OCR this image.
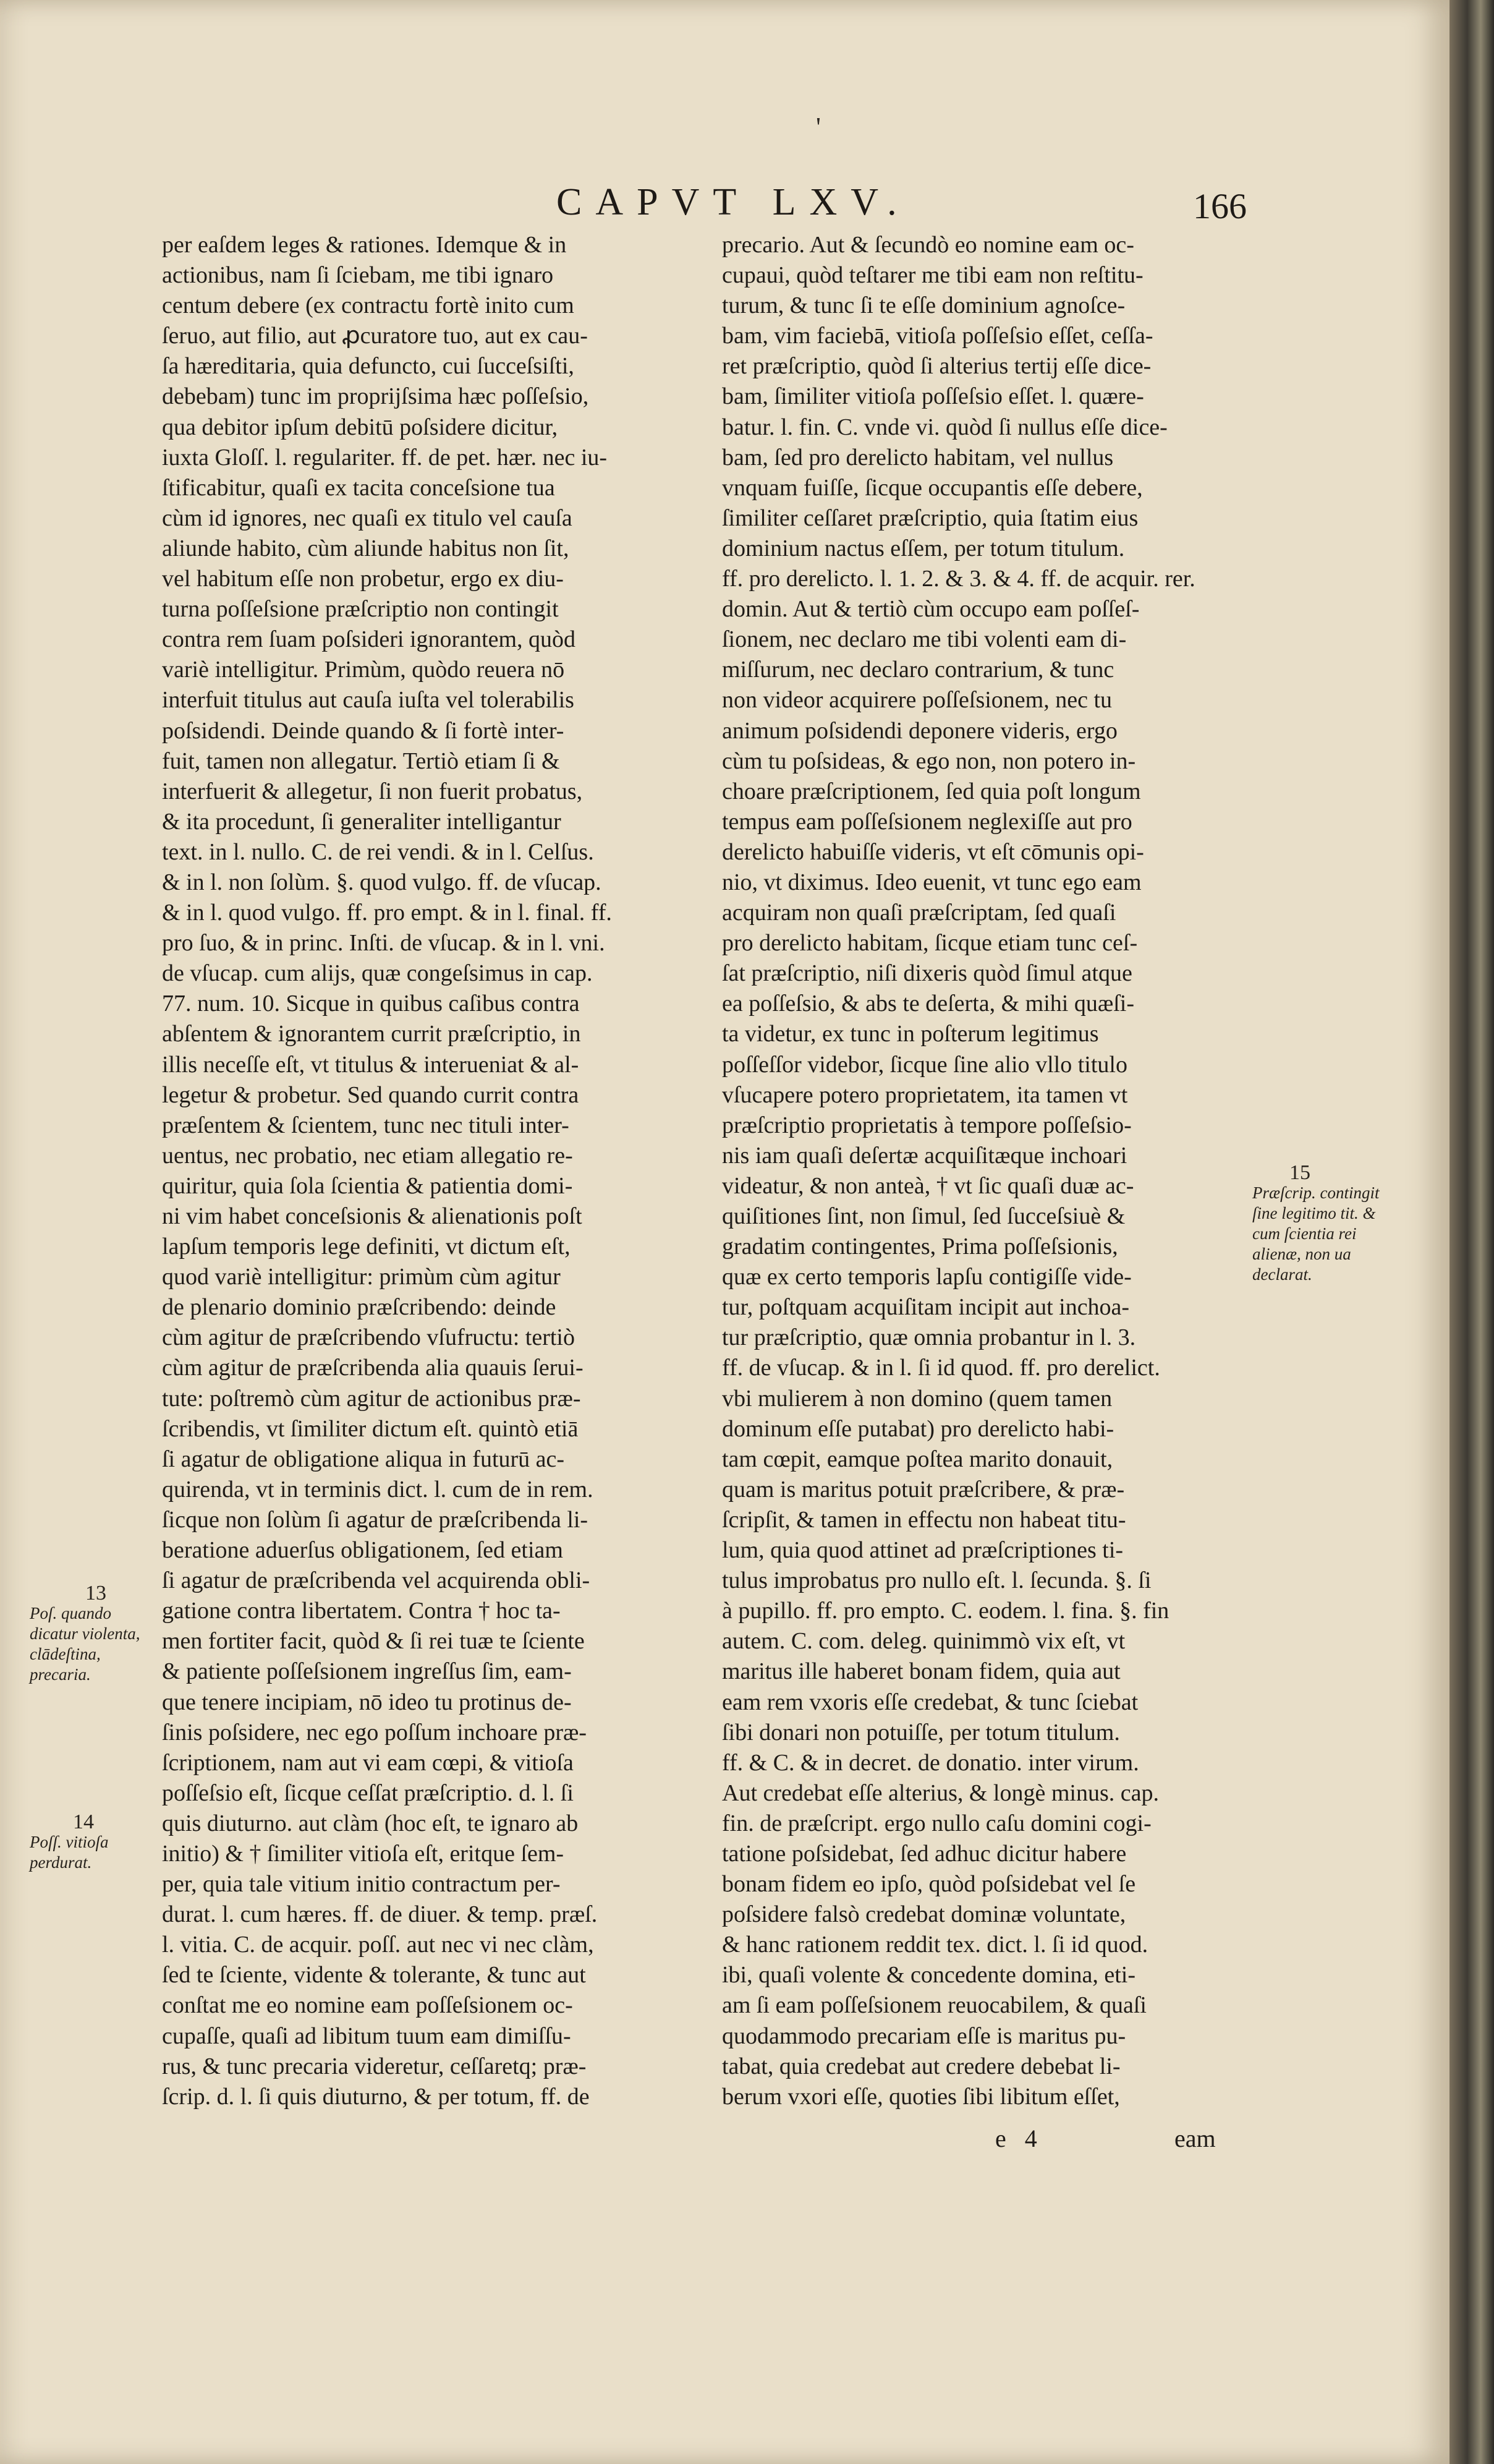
'
CAPVT LXV.	166

per eaſdem leges & rationes. Idemque & in

actionibus, nam ſi ſciebam, me tibi ignaro

centum debere (ex contractu fortè inito cum

ſeruo, aut filio, aut ꝓcuratore tuo, aut ex cau-

ſa hæreditaria, quia defuncto, cui ſucceſsiſti,

debebam) tunc im proprijſsima hæc poſſeſsio,

qua debitor ipſum debitū poſsidere dicitur,

iuxta Gloſſ. l. regulariter. ff. de pet. hær. nec iu-

ſtificabitur, quaſi ex tacita conceſsione tua

cùm id ignores, nec quaſi ex titulo vel cauſa

aliunde habito, cùm aliunde habitus non ſit,

vel habitum eſſe non probetur, ergo ex diu-

turna poſſeſsione præſcriptio non contingit

contra rem ſuam poſsideri ignorantem, quòd

variè intelligitur. Primùm, quòdo reuera nō

interfuit titulus aut cauſa iuſta vel tolerabilis

poſsidendi. Deinde quando & ſi fortè inter-

fuit, tamen non allegatur. Tertiò etiam ſi &

interfuerit & allegetur, ſi non fuerit probatus,

& ita procedunt, ſi generaliter intelligantur

text. in l. nullo. C. de rei vendi. & in l. Celſus.

& in l. non ſolùm. §. quod vulgo. ff. de vſucap.

& in l. quod vulgo. ff. pro empt. & in l. final. ff.

pro ſuo, & in princ. Inſti. de vſucap. & in l. vni.

de vſucap. cum alijs, quæ congeſsimus in cap.

77. num. 10. Sicque in quibus caſibus contra

abſentem & ignorantem currit præſcriptio, in

illis neceſſe eſt, vt titulus & interueniat & al-

legetur & probetur. Sed quando currit contra

præſentem & ſcientem, tunc nec tituli inter-

uentus, nec probatio, nec etiam allegatio re-

quiritur, quia ſola ſcientia & patientia domi-

ni vim habet conceſsionis & alienationis poſt

lapſum temporis lege definiti, vt dictum eſt,

quod variè intelligitur: primùm cùm agitur

de plenario dominio præſcribendo: deinde

cùm agitur de præſcribendo vſufructu: tertiò

cùm agitur de præſcribenda alia quauis ſerui-

tute: poſtremò cùm agitur de actionibus præ-

ſcribendis, vt ſimiliter dictum eſt. quintò etiā

ſi agatur de obligatione aliqua in futurū ac-

quirenda, vt in terminis dict. l. cum de in rem.

ſicque non ſolùm ſi agatur de præſcribenda li-

beratione aduerſus obligationem, ſed etiam

ſi agatur de præſcribenda vel acquirenda obli-

gatione contra libertatem. Contra † hoc ta-

men fortiter facit, quòd & ſi rei tuæ te ſciente

& patiente poſſeſsionem ingreſſus ſim, eam-

que tenere incipiam, nō ideo tu protinus de-

ſinis poſsidere, nec ego poſſum inchoare præ-

ſcriptionem, nam aut vi eam cœpi, & vitioſa

poſſeſsio eſt, ſicque ceſſat præſcriptio. d. l. ſi

quis diuturno. aut clàm (hoc eſt, te ignaro ab

initio) & † ſimiliter vitioſa eſt, eritque ſem-

per, quia tale vitium initio contractum per-

durat. l. cum hæres. ff. de diuer. & temp. præſ.

l. vitia. C. de acquir. poſſ. aut nec vi nec clàm,

ſed te ſciente, vidente & tolerante, & tunc aut

conſtat me eo nomine eam poſſeſsionem oc-

cupaſſe, quaſi ad libitum tuum eam dimiſſu-

rus, & tunc precaria videretur, ceſſaretq; præ-

ſcrip. d. l. ſi quis diuturno, & per totum, ff. de

precario. Aut & ſecundò eo nomine eam oc-

cupaui, quòd teſtarer me tibi eam non reſtitu-

turum, & tunc ſi te eſſe dominium agnoſce-

bam, vim faciebā, vitioſa poſſeſsio eſſet, ceſſa-

ret præſcriptio, quòd ſi alterius tertij eſſe dice-

bam, ſimiliter vitioſa poſſeſsio eſſet. l. quære-

batur. l. fin. C. vnde vi. quòd ſi nullus eſſe dice-

bam, ſed pro derelicto habitam, vel nullus

vnquam fuiſſe, ſicque occupantis eſſe debere,

ſimiliter ceſſaret præſcriptio, quia ſtatim eius

dominium nactus eſſem, per totum titulum.

ff. pro derelicto. l. 1. 2. & 3. & 4. ff. de acquir. rer.

domin. Aut & tertiò cùm occupo eam poſſeſ-

ſionem, nec declaro me tibi volenti eam di-

miſſurum, nec declaro contrarium, & tunc

non videor acquirere poſſeſsionem, nec tu

animum poſsidendi deponere videris, ergo

cùm tu poſsideas, & ego non, non potero in-

choare præſcriptionem, ſed quia poſt longum

tempus eam poſſeſsionem neglexiſſe aut pro

derelicto habuiſſe videris, vt eſt cōmunis opi-

nio, vt diximus. Ideo euenit, vt tunc ego eam

acquiram non quaſi præſcriptam, ſed quaſi

pro derelicto habitam, ſicque etiam tunc ceſ-

ſat præſcriptio, niſi dixeris quòd ſimul atque

ea poſſeſsio, & abs te deſerta, & mihi quæſi-

ta videtur, ex tunc in poſterum legitimus

poſſeſſor videbor, ſicque ſine alio vllo titulo

vſucapere potero proprietatem, ita tamen vt

præſcriptio proprietatis à tempore poſſeſsio-

nis iam quaſi deſertæ acquiſitæque inchoari

videatur, & non anteà, † vt ſic quaſi duæ ac-

quiſitiones ſint, non ſimul, ſed ſucceſsiuè &

gradatim contingentes, Prima poſſeſsionis,

quæ ex certo temporis lapſu contigiſſe vide-

tur, poſtquam acquiſitam incipit aut inchoa-

tur præſcriptio, quæ omnia probantur in l. 3.

ff. de vſucap. & in l. ſi id quod. ff. pro derelict.

vbi mulierem à non domino (quem tamen

dominum eſſe putabat) pro derelicto habi-

tam cœpit, eamque poſtea marito donauit,

quam is maritus potuit præſcribere, & præ-

ſcripſit, & tamen in effectu non habeat titu-

lum, quia quod attinet ad præſcriptiones ti-

tulus improbatus pro nullo eſt. l. ſecunda. §. ſi

à pupillo. ff. pro empto. C. eodem. l. fina. §. fin

autem. C. com. deleg. quinimmò vix eſt, vt

maritus ille haberet bonam fidem, quia aut

eam rem vxoris eſſe credebat, & tunc ſciebat

ſibi donari non potuiſſe, per totum titulum.

ff. & C. & in decret. de donatio. inter virum.

Aut credebat eſſe alterius, & longè minus. cap.

fin. de præſcript. ergo nullo caſu domini cogi-

tatione poſsidebat, ſed adhuc dicitur habere

bonam fidem eo ipſo, quòd poſsidebat vel ſe

poſsidere falsò credebat dominæ voluntate,

& hanc rationem reddit tex. dict. l. ſi id quod.

ibi, quaſi volente & concedente domina, eti-

am ſi eam poſſeſsionem reuocabilem, & quaſi

quodammodo precariam eſſe is maritus pu-

tabat, quia credebat aut credere debebat li-

berum vxori eſſe, quoties ſibi libitum eſſet,

13
Poſ. quando dicatur violenta, clādeſtina, precaria.
14
Poſſ. vitioſa perdurat.
15
Præſcrip. contingit ſine legitimo tit. & cum ſcientia rei alienæ, non ua declarat.
e 4	eam
